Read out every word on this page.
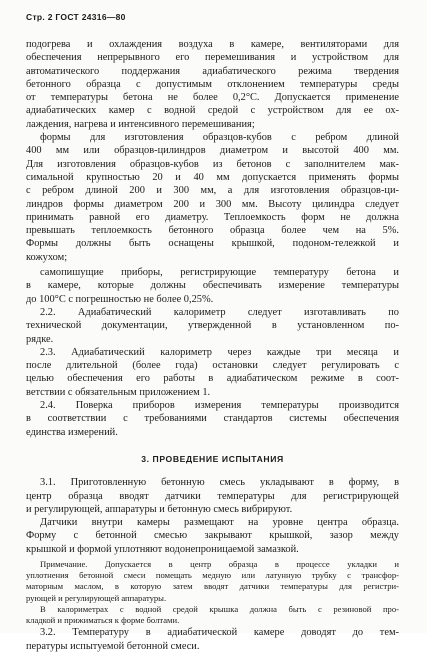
Стр. 2 ГОСТ 24316—80

подогрева и охлаждения воздуха в камере, вентиляторами для
обеспечения непрерывного его перемешивания и устройством для
автоматического поддержания адиабатического режима твердения
бетонного образца с допустимым отклонением температуры среды
от температуры бетона не более 0,2°С. Допускается применение
адиабатических камер с водной средой с устройством для ее ох-
лаждения, нагрева и интенсивного перемешивания;

формы для изготовления образцов-кубов с ребром длиной
400 мм или образцов-цилиндров диаметром и высотой 400 мм.
Для изготовления образцов-кубов из бетонов с заполнителем мак-
симальной крупностью 20 и 40 мм допускается применять формы
с ребром длиной 200 и 300 мм, а для изготовления образцов-ци-
линдров формы диаметром 200 и 300 мм. Высоту цилиндра следует
принимать равной его диаметру. Теплоемкость форм не должна
превышать теплоемкость бетонного образца более чем на 5%.
Формы должны быть оснащены крышкой, подоном-тележкой и
кожухом;

самопишущие приборы, регистрирующие температуру бетона и
в камере, которые должны обеспечивать измерение температуры
до 100°С с погрешностью не более 0,25%.

2.2. Адиабатический калориметр следует изготавливать по
технической документации, утвержденной в установленном по-
рядке.

2.3. Адиабатический калориметр через каждые три месяца и
после длительной (более года) остановки следует регулировать с
целью обеспечения его работы в адиабатическом режиме в соот-
ветствии с обязательным приложением 1.

2.4. Поверка приборов измерения температуры производится
в соответствии с требованиями стандартов системы обеспечения
единства измерений.

3. ПРОВЕДЕНИЕ ИСПЫТАНИЯ

3.1. Приготовленную бетонную смесь укладывают в форму, в
центр образца вводят датчики температуры для регистрирующей
и регулирующей, аппаратуры и бетонную смесь вибрируют.

Датчики внутри камеры размещают на уровне центра образца.
Форму с бетонной смесью закрывают крышкой, зазор между
крышкой и формой уплотняют водонепроницаемой замазкой.

Примечание. Допускается в центр образца в процессе укладки и
уплотнения бетонной смеси помещать медную или латунную трубку с трансфор-
маторным маслом, в которую затем вводят датчики температуры для регистри-
рующей и регулирующей аппаратуры.

В калориметрах с водной средой крышка должна быть с резиновой про-
кладкой и прижиматься к форме болтами.

3.2. Температуру в адиабатической камере доводят до тем-
пературы испытуемой бетонной смеси.
